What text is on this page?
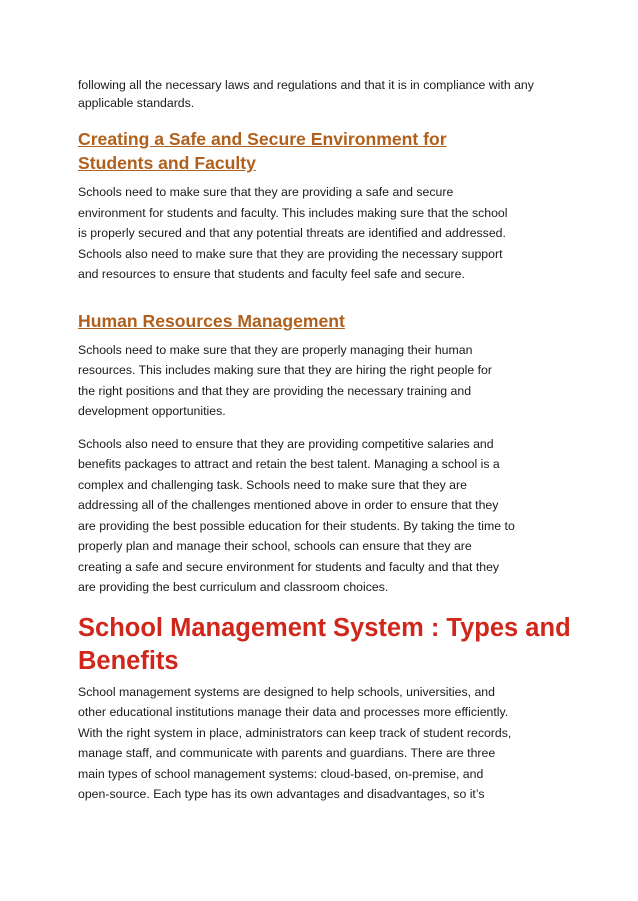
following all the necessary laws and regulations and that it is in compliance with any
applicable standards.
Creating a Safe and Secure Environment for
Students and Faculty

Schools need to make sure that they are providing a safe and secure
environment for students and faculty. This includes making sure that the school
is properly secured and that any potential threats are identified and addressed.
Schools also need to make sure that they are providing the necessary support
and resources to ensure that students and faculty feel safe and secure.

Human Resources Management

Schools need to make sure that they are properly managing their human
resources. This includes making sure that they are hiring the right people for
the right positions and that they are providing the necessary training and
development opportunities.

Schools also need to ensure that they are providing competitive salaries and
benefits packages to attract and retain the best talent. Managing a school is a
complex and challenging task. Schools need to make sure that they are
addressing all of the challenges mentioned above in order to ensure that they
are providing the best possible education for their students. By taking the time to
properly plan and manage their school, schools can ensure that they are
creating a safe and secure environment for students and faculty and that they
are providing the best curriculum and classroom choices.

School Management System : Types and
Benefits

School management systems are designed to help schools, universities, and
other educational institutions manage their data and processes more efficiently.
With the right system in place, administrators can keep track of student records,
manage staff, and communicate with parents and guardians. There are three
main types of school management systems: cloud-based, on-premise, and
open-source. Each type has its own advantages and disadvantages, so it’s
